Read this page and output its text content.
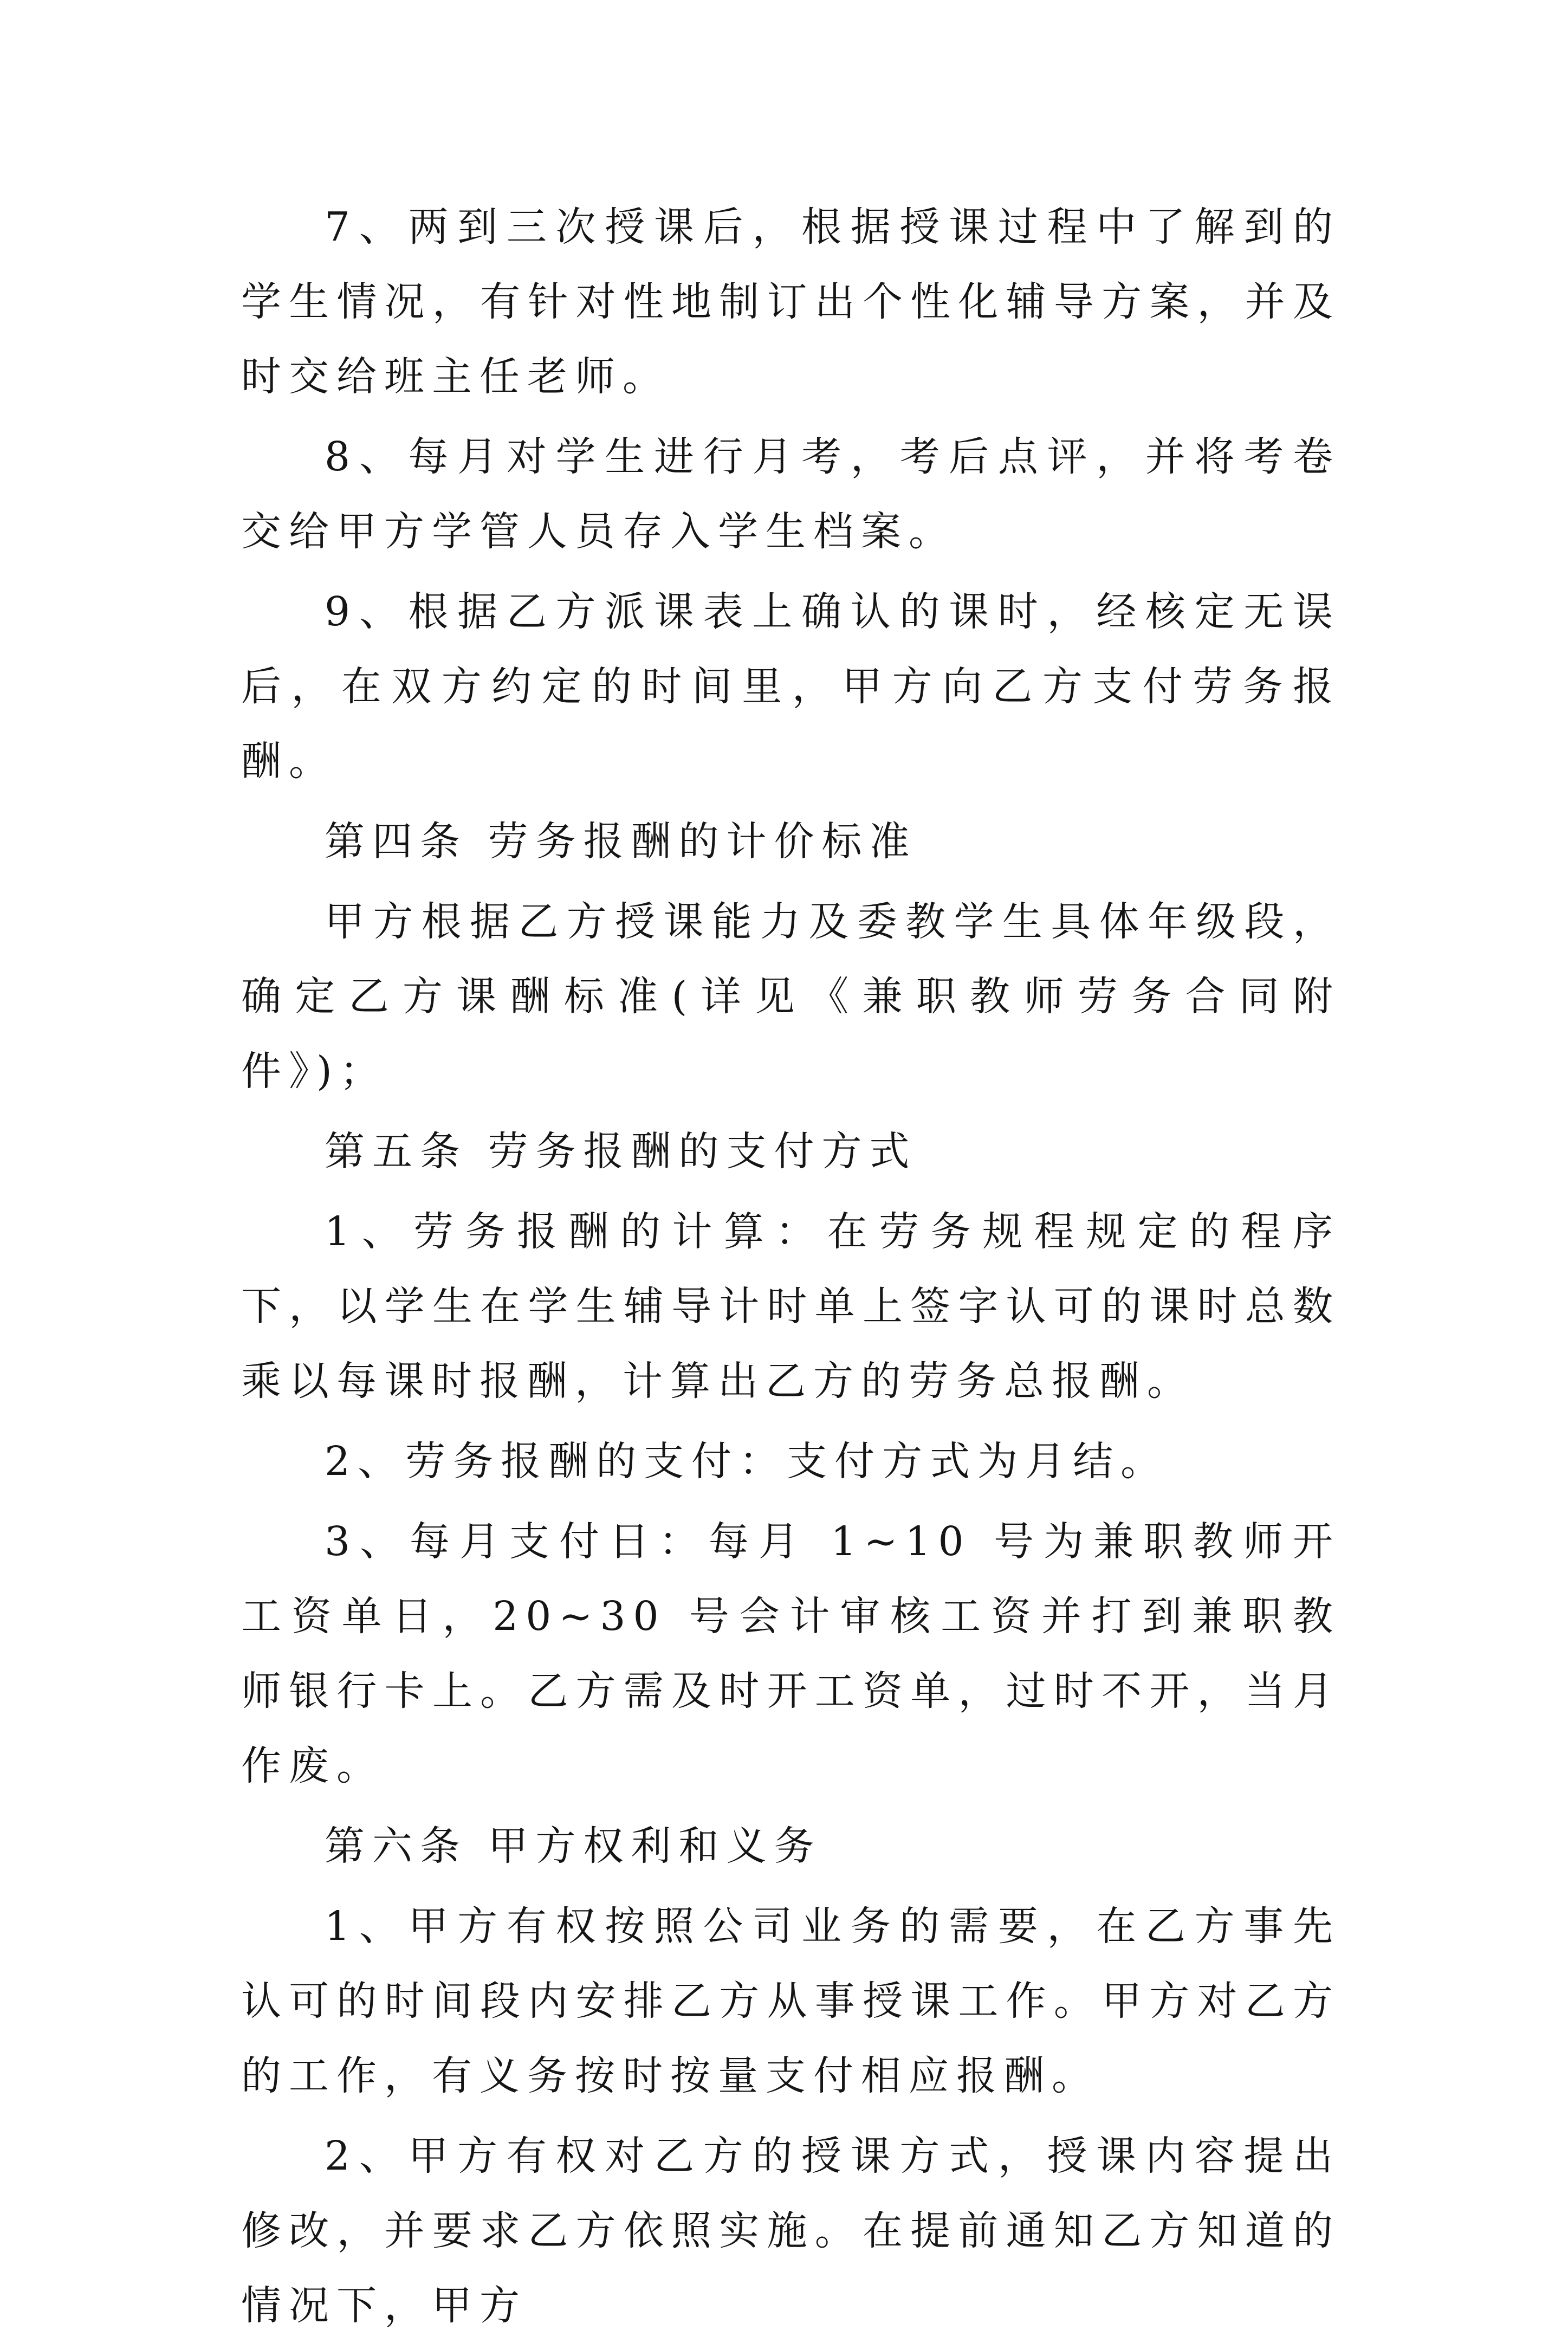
7、两到三次授课后，根据授课过程中了解到的学生情况，有针对性地制订出个性化辅导方案，并及时交给班主任老师。

8、每月对学生进行月考，考后点评，并将考卷交给甲方学管人员存入学生档案。

9、根据乙方派课表上确认的课时，经核定无误后，在双方约定的时间里，甲方向乙方支付劳务报酬。

第四条 劳务报酬的计价标准

甲方根据乙方授课能力及委教学生具体年级段，确定乙方课酬标准(详见《兼职教师劳务合同附件》)；

第五条 劳务报酬的支付方式

1、劳务报酬的计算：在劳务规程规定的程序下，以学生在学生辅导计时单上签字认可的课时总数乘以每课时报酬，计算出乙方的劳务总报酬。

2、劳务报酬的支付：支付方式为月结。

3、每月支付日：每月 1~10 号为兼职教师开工资单日，20~30 号会计审核工资并打到兼职教师银行卡上。乙方需及时开工资单，过时不开，当月作废。

第六条 甲方权利和义务

1、甲方有权按照公司业务的需要，在乙方事先认可的时间段内安排乙方从事授课工作。甲方对乙方的工作，有义务按时按量支付相应报酬。

2、甲方有权对乙方的授课方式，授课内容提出修改，并要求乙方依照实施。在提前通知乙方知道的情况下，甲方
